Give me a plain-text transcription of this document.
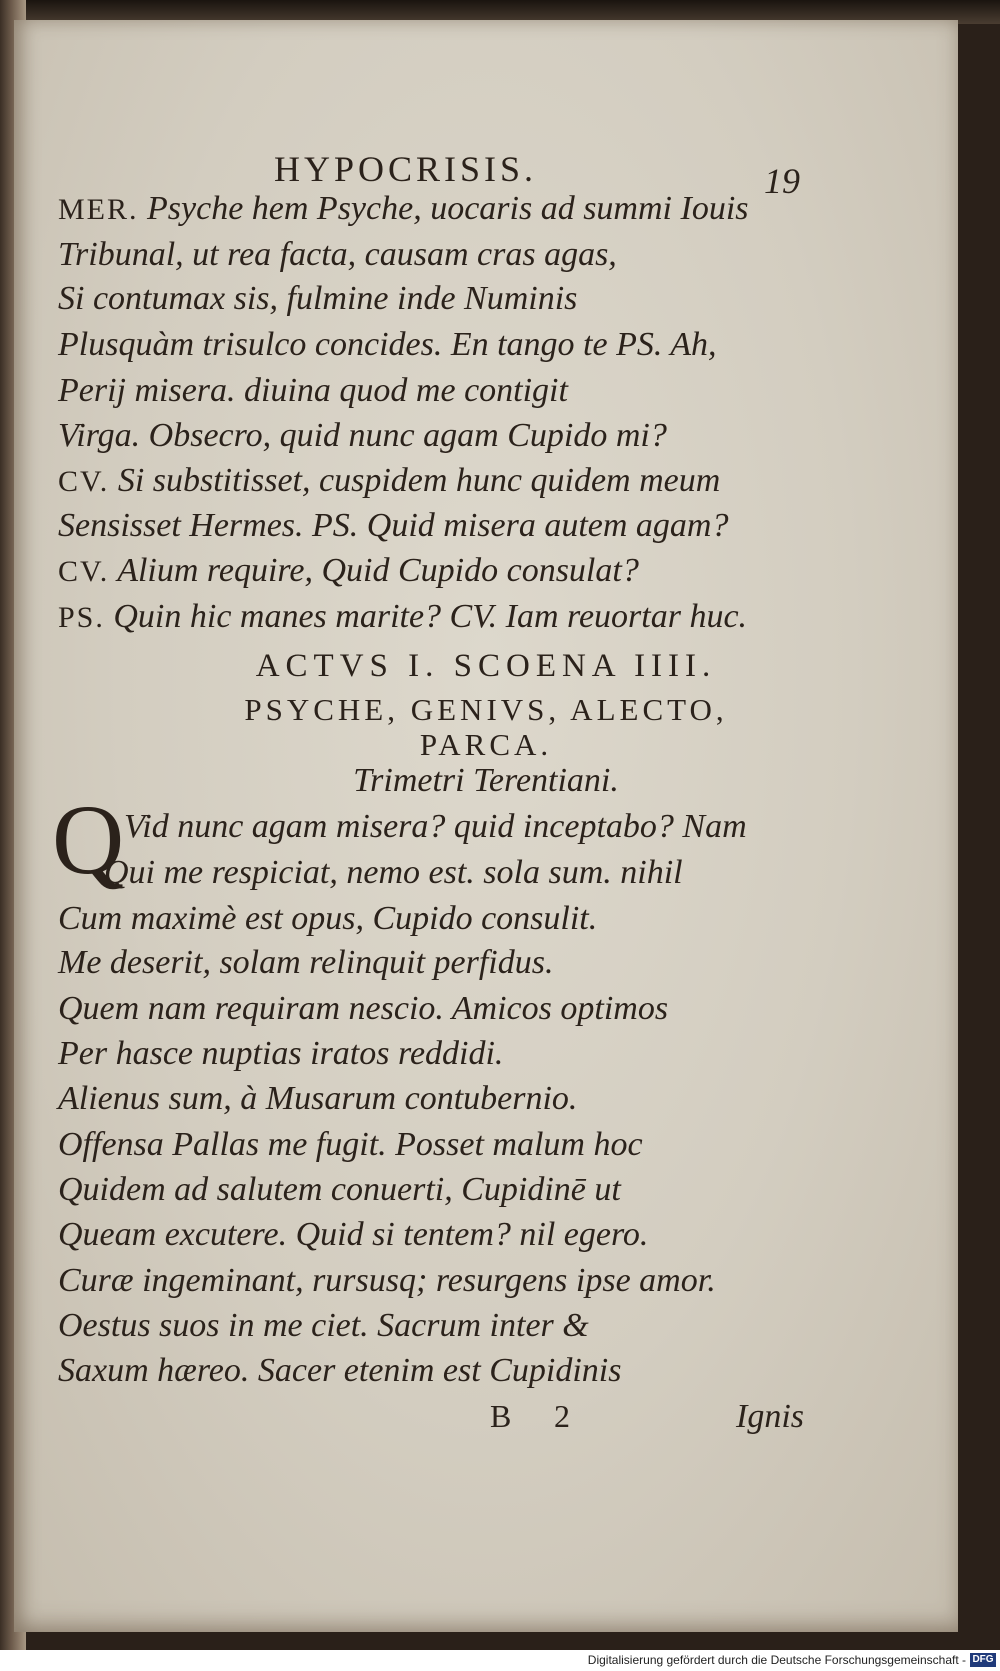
HYPOCRISIS.	19
MER. Psyche hem Psyche, uocaris ad summi Iouis
Tribunal, ut rea facta, causam cras agas,
Si contumax sis, fulmine inde Numinis
Plusquàm trisulco concides. En tango te PS. Ah,
Perij misera. diuina quod me contigit
Virga. Obsecro, quid nunc agam Cupido mi?
CV. Si substitisset, cuspidem hunc quidem meum
Sensisset Hermes. PS. Quid misera autem agam?
CV. Alium require, Quid Cupido consulat?
PS. Quin hic manes marite? CV. Iam reuortar huc.
ACTVS I. SCOENA IIII.
PSYCHE, GENIVS, ALECTO,
PARCA.
Trimetri Terentiani.
Q Vid nunc agam misera? quid inceptabo? Nam
Qui me respiciat, nemo est. sola sum. nihil
Cum maximè est opus, Cupido consulit.
Me deserit, solam relinquit perfidus.
Quem nam requiram nescio. Amicos optimos
Per hasce nuptias iratos reddidi.
Alienus sum, à Musarum contubernio.
Offensa Pallas me fugit. Posset malum hoc
Quidem ad salutem conuerti, Cupidinē ut
Queam excutere. Quid si tentem? nil egero.
Curæ ingeminant, rursusq; resurgens ipse amor.
Oestus suos in me ciet. Sacrum inter &
Saxum hæreo. Sacer etenim est Cupidinis
B 2	Ignis
Digitalisierung gefördert durch die Deutsche Forschungsgemeinschaft - DFG
